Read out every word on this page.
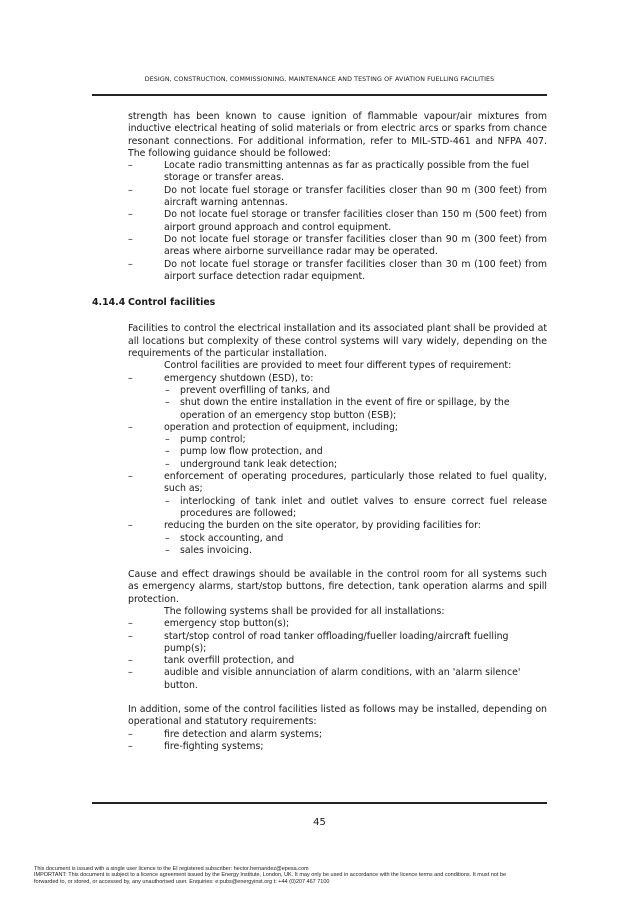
DESIGN, CONSTRUCTION, COMMISSIONING, MAINTENANCE AND TESTING OF AVIATION FUELLING FACILITIES

strength has been known to cause ignition of flammable vapour/air mixtures from inductive electrical heating of solid materials or from electric arcs or sparks from chance resonant connections. For additional information, refer to MIL-STD-461 and NFPA 407. The following guidance should be followed:

–	Locate radio transmitting antennas as far as practically possible from the fuel storage or transfer areas.
–	Do not locate fuel storage or transfer facilities closer than 90 m (300 feet) from aircraft warning antennas.
–	Do not locate fuel storage or transfer facilities closer than 150 m (500 feet) from airport ground approach and control equipment.
–	Do not locate fuel storage or transfer facilities closer than 90 m (300 feet) from areas where airborne surveillance radar may be operated.
–	Do not locate fuel storage or transfer facilities closer than 30 m (100 feet) from airport surface detection radar equipment.

4.14.4 Control facilities

Facilities to control the electrical installation and its associated plant shall be provided at all locations but complexity of these control systems will vary widely, depending on the requirements of the particular installation.

Control facilities are provided to meet four different types of requirement:

–	emergency shutdown (ESD), to:
– prevent overfilling of tanks, and
– shut down the entire installation in the event of fire or spillage, by the operation of an emergency stop button (ESB);
–	operation and protection of equipment, including;
– pump control;
– pump low flow protection, and
– underground tank leak detection;
–	enforcement of operating procedures, particularly those related to fuel quality, such as;
– interlocking of tank inlet and outlet valves to ensure correct fuel release procedures are followed;
–	reducing the burden on the site operator, by providing facilities for:
– stock accounting, and
– sales invoicing.

Cause and effect drawings should be available in the control room for all systems such as emergency alarms, start/stop buttons, fire detection, tank operation alarms and spill protection.

The following systems shall be provided for all installations:

–	emergency stop button(s);
–	start/stop control of road tanker offloading/fueller loading/aircraft fuelling pump(s);
–	tank overfill protection, and
–	audible and visible annunciation of alarm conditions, with an 'alarm silence' button.

In addition, some of the control facilities listed as follows may be installed, depending on operational and statutory requirements:

–	fire detection and alarm systems;
–	fire-fighting systems;
45
This document is issued with a single user licence to the EI registered subscriber: hector.hernandez@epesa.com
IMPORTANT: This document is subject to a licence agreement issued by the Energy Institute, London, UK. It may only be used in accordance with the licence terms and conditions. It must not be
forwarded to, or stored, or accessed by, any unauthorised user. Enquiries: e:pubs@energyinst.org t: +44 (0)207 467 7100
